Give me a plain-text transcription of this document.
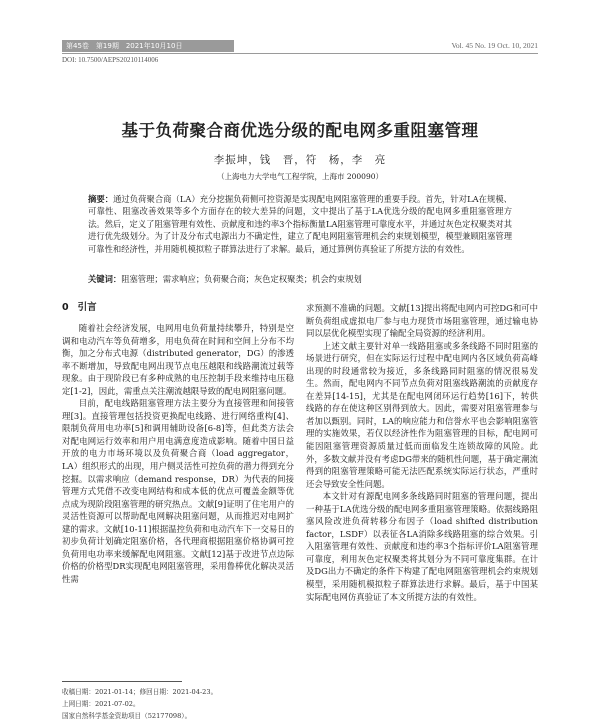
第45卷　第19期　2021年10月10日	Vol. 45 No. 19 Oct. 10, 2021
DOI: 10.7500/AEPS20210114006
基于负荷聚合商优选分级的配电网多重阻塞管理
李振坤，钱　晋，符　杨，李　亮
（上海电力大学电气工程学院，上海市 200090）
摘要：通过负荷聚合商（LA）充分挖掘负荷侧可控资源是实现配电网阻塞管理的重要手段。首先，针对LA在规模、可靠性、阻塞改善效果等多个方面存在的较大差异的问题，文中提出了基于LA优选分级的配电网多重阻塞管理方法。然后，定义了阻塞管理有效性、贡献度和违约率3个指标衡量LA阻塞管理可靠度水平，并通过灰色定权聚类对其进行优先级划分。为了计及分布式电源出力不确定性，建立了配电网阻塞管理机会约束规划模型，模型兼顾阻塞管理可靠性和经济性，并用随机模拟粒子群算法进行了求解。最后，通过算例仿真验证了所提方法的有效性。
关键词：阻塞管理；需求响应；负荷聚合商；灰色定权聚类；机会约束规划
0 引言

随着社会经济发展，电网用电负荷量持续攀升，特别是空调和电动汽车等负荷增多，用电负荷在时间和空间上分布不均衡，加之分布式电源（distributed generator，DG）的渗透率不断增加，导致配电网出现节点电压越限和线路潮流过载等现象。由于现阶段已有多种成熟的电压控制手段来维持电压稳定[1-2]，因此，需重点关注潮流越限导致的配电网阻塞问题。

目前，配电线路阻塞管理方法主要分为直接管理和间接管理[3]。直接管理包括投资更换配电线路、进行网络重构[4]、限制负荷用电功率[5]和调用辅助设备[6-8]等，但此类方法会对配电网运行效率和用户用电满意度造成影响。随着中国日益开放的电力市场环境以及负荷聚合商（load aggregator，LA）组织形式的出现，用户侧灵活性可控负荷的潜力得到充分挖掘。以需求响应（demand response，DR）为代表的间接管理方式凭借不改变电网结构和成本低的优点可覆盖金额等优点成为现阶段阻塞管理的研究热点。文献[9]证明了住宅用户的灵活性资源可以帮助配电网解决阻塞问题，从而推迟对电网扩建的需求。文献[10-11]根据温控负荷和电动汽车下一交易日的初步负荷计划确定阻塞价格，各代理商根据阻塞价格协调可控负荷用电功率来缓解配电网阻塞。文献[12]基于改进节点边际价格的价格型DR实现配电网阻塞管理，采用鲁棒优化解决灵活性需

求预测不准确的问题。文献[13]提出将配电网内可控DG和可中断负荷组成虚拟电厂参与电力现货市场阻塞管理，通过输电协同以层优化模型实现了输配全局资源的经济利用。

上述文献主要针对单一线路阻塞或多条线路不同时阻塞的场景进行研究，但在实际运行过程中配电网内各区域负荷高峰出现的时段通常较为接近，多条线路同时阻塞的情况很易发生。然而，配电网内不同节点负荷对阻塞线路潮流的贡献度存在差异[14-15]，尤其是在配电网闭环运行趋势[16]下，转供线路的存在使这种区别得到放大。因此，需要对阻塞管理参与者加以甄别。同时，LA的响应能力和信誉水平也会影响阻塞管理的实施效果，若仅以经济性作为阻塞管理的目标，配电网可能因阻塞管理资源质量过低而面临发生连锁故障的风险。此外，多数文献并没有考虑DG带来的随机性问题，基于确定潮流得到的阻塞管理策略可能无法匹配系统实际运行状态，严重时还会导致安全性问题。

本文针对有源配电网多条线路同时阻塞的管理问题，提出一种基于LA优选分级的配电网多重阻塞管理策略。依据线路阻塞风险改进负荷转移分布因子（load shifted distribution factor，LSDF）以表征各LA消除多线路阻塞的综合效果。引入阻塞管理有效性、贡献度和违约率3个指标评价LA阻塞管理可靠度，利用灰色定权聚类将其划分为不同可靠度集群。在计及DG出力不确定的条件下构建了配电网阻塞管理机会约束规划模型，采用随机模拟粒子群算法进行求解。最后，基于中国某实际配电网仿真验证了本文所提方法的有效性。

收稿日期：2021-01-14；修回日期：2021-04-23。
上网日期：2021-07-02。
国家自然科学基金资助项目（52177098）。
